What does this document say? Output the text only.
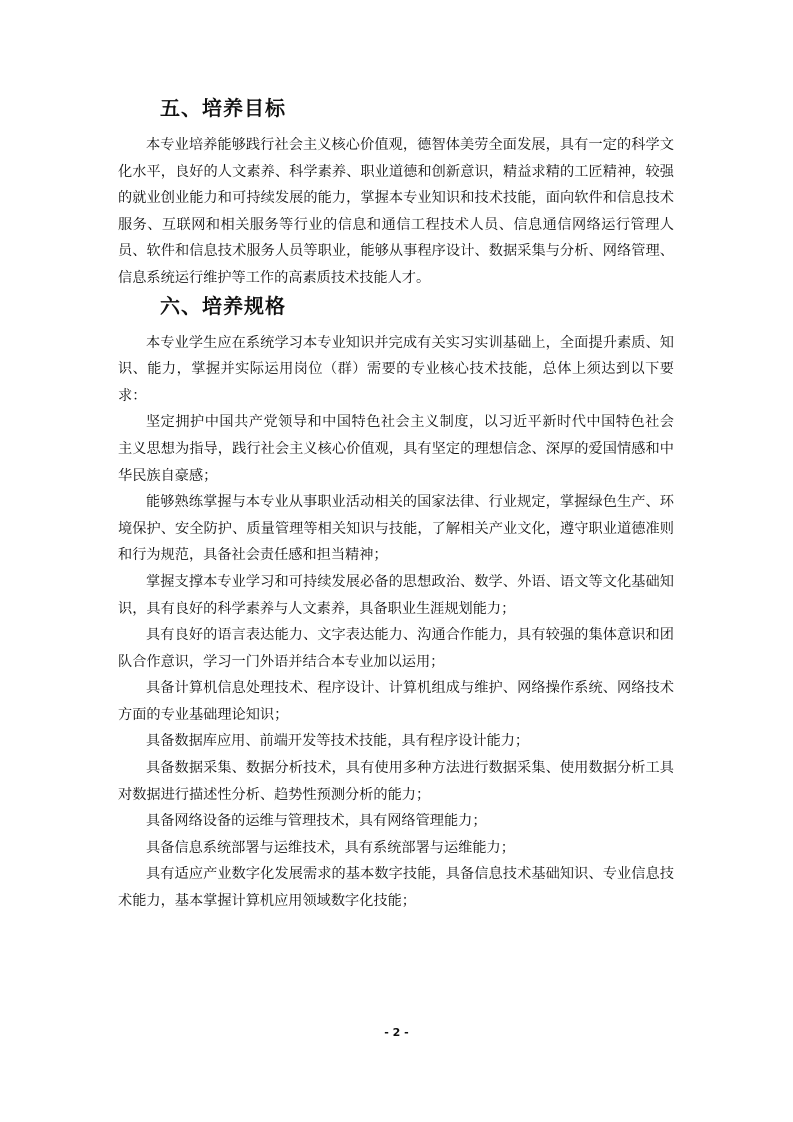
五、培养目标

本专业培养能够践行社会主义核心价值观，德智体美劳全面发展，具有一定的科学文化水平，良好的人文素养、科学素养、职业道德和创新意识，精益求精的工匠精神，较强的就业创业能力和可持续发展的能力，掌握本专业知识和技术技能，面向软件和信息技术服务、互联网和相关服务等行业的信息和通信工程技术人员、信息通信网络运行管理人员、软件和信息技术服务人员等职业，能够从事程序设计、数据采集与分析、网络管理、信息系统运行维护等工作的高素质技术技能人才。

六、培养规格

本专业学生应在系统学习本专业知识并完成有关实习实训基础上，全面提升素质、知识、能力，掌握并实际运用岗位（群）需要的专业核心技术技能，总体上须达到以下要求：

坚定拥护中国共产党领导和中国特色社会主义制度，以习近平新时代中国特色社会 主义思想为指导，践行社会主义核心价值观，具有坚定的理想信念、深厚的爱国情感和中华民族自豪感；

能够熟练掌握与本专业从事职业活动相关的国家法律、行业规定，掌握绿色生产、环境保护、安全防护、质量管理等相关知识与技能，了解相关产业文化，遵守职业道德准则和行为规范，具备社会责任感和担当精神；

掌握支撑本专业学习和可持续发展必备的思想政治、数学、外语、语文等文化基础知识，具有良好的科学素养与人文素养，具备职业生涯规划能力；

具有良好的语言表达能力、文字表达能力、沟通合作能力，具有较强的集体意识和团队合作意识，学习一门外语并结合本专业加以运用；

具备计算机信息处理技术、程序设计、计算机组成与维护、网络操作系统、网络技术方面的专业基础理论知识；

具备数据库应用、前端开发等技术技能，具有程序设计能力；

具备数据采集、数据分析技术，具有使用多种方法进行数据采集、使用数据分析工具对数据进行描述性分析、趋势性预测分析的能力；

具备网络设备的运维与管理技术，具有网络管理能力；

具备信息系统部署与运维技术，具有系统部署与运维能力；

具有适应产业数字化发展需求的基本数字技能，具备信息技术基础知识、专业信息技术能力，基本掌握计算机应用领域数字化技能；

- 2 -
